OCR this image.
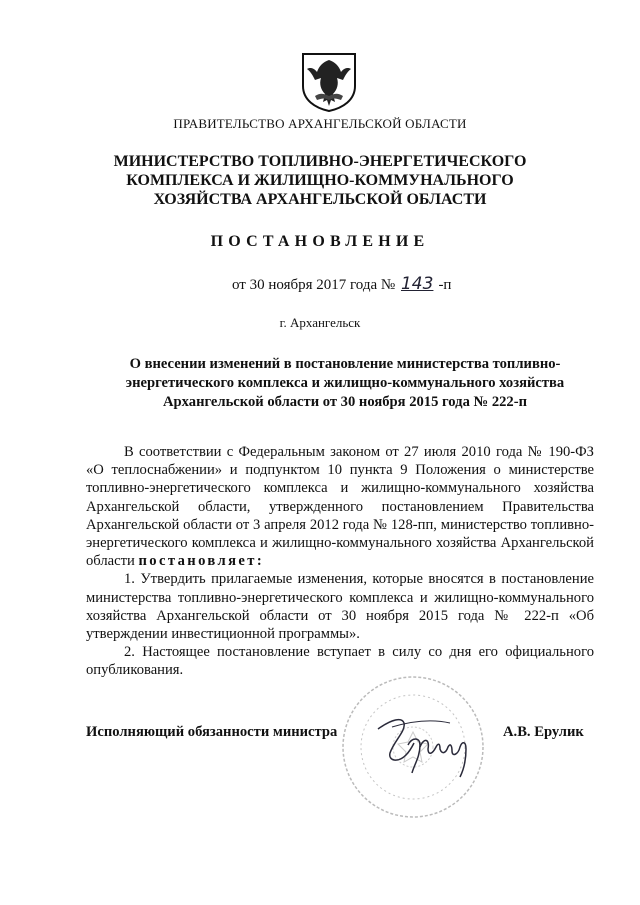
ПРАВИТЕЛЬСТВО АРХАНГЕЛЬСКОЙ ОБЛАСТИ
МИНИСТЕРСТВО ТОПЛИВНО-ЭНЕРГЕТИЧЕСКОГО
КОМПЛЕКСА И ЖИЛИЩНО-КОММУНАЛЬНОГО
ХОЗЯЙСТВА АРХАНГЕЛЬСКОЙ ОБЛАСТИ
ПОСТАНОВЛЕНИЕ
от 30 ноября 2017 года № 143 -п
г. Архангельск
О внесении изменений в постановление министерства топливно-
энергетического комплекса и жилищно-коммунального хозяйства
Архангельской области от 30 ноября 2015 года № 222-п

В соответствии с Федеральным законом от 27 июля 2010 года № 190-ФЗ «О теплоснабжении» и подпунктом 10 пункта 9 Положения о министерстве топливно-энергетического комплекса и жилищно-коммунального хозяйства Архангельской области, утвержденного постановлением Правительства Архангельской области от 3 апреля 2012 года № 128-пп, министерство топливно-энергетического комплекса и жилищно-коммунального хозяйства Архангельской области постановляет:

1. Утвердить прилагаемые изменения, которые вносятся в постановление министерства топливно-энергетического комплекса и жилищно-коммунального хозяйства Архангельской области от 30 ноября 2015 года № 222-п «Об утверждении инвестиционной программы».

2. Настоящее постановление вступает в силу со дня его официального опубликования.

Исполняющий обязанности министра	А.В. Ерулик
